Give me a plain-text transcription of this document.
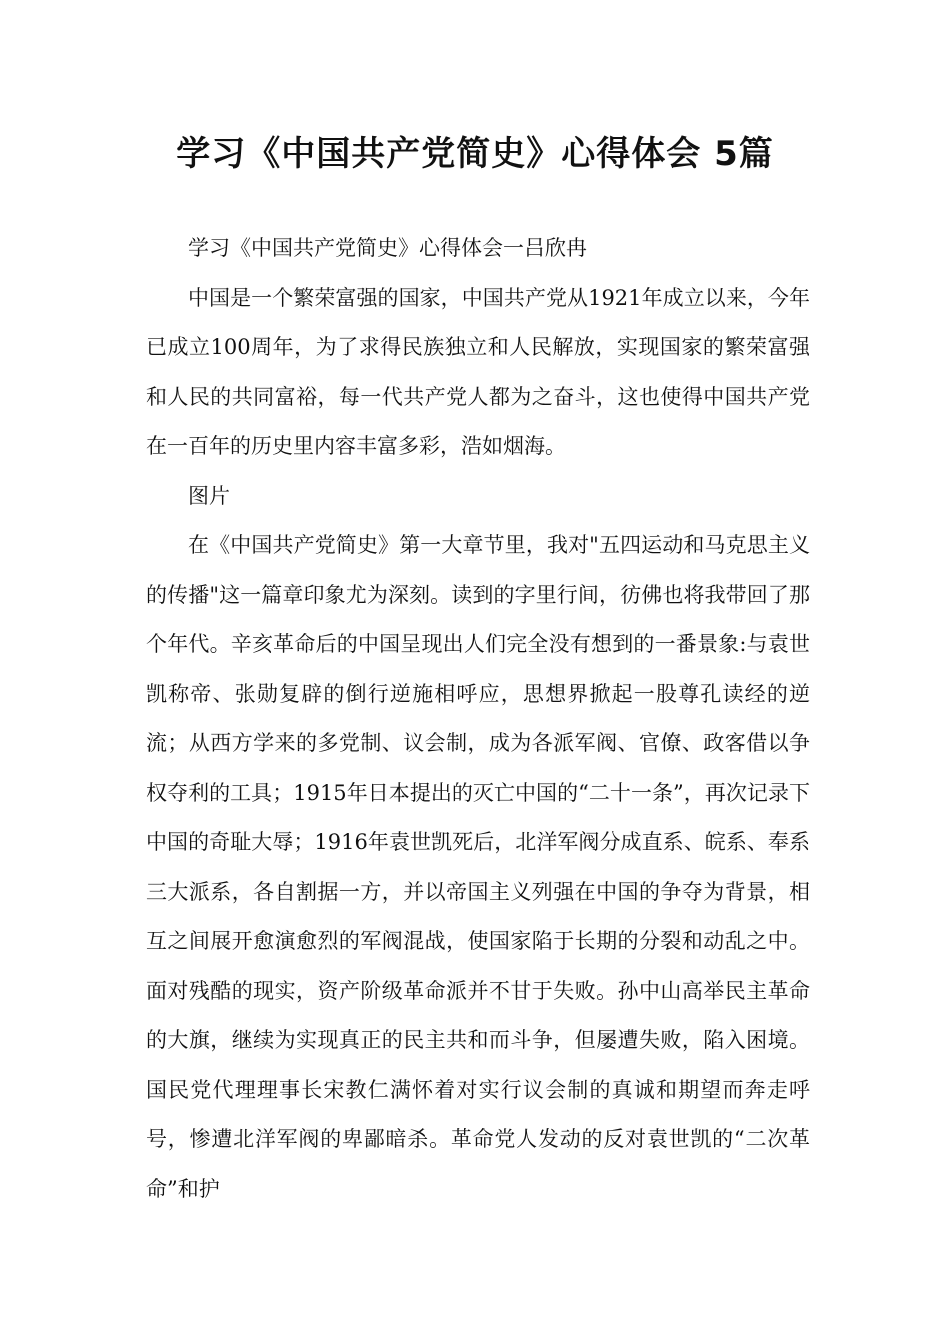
学习《中国共产党简史》心得体会 5篇

学习《中国共产党简史》心得体会一吕欣冉

中国是一个繁荣富强的国家，中国共产党从1921年成立以来，今年已成立100周年，为了求得民族独立和人民解放，实现国家的繁荣富强和人民的共同富裕，每一代共产党人都为之奋斗，这也使得中国共产党在一百年的历史里内容丰富多彩，浩如烟海。

图片

在《中国共产党简史》第一大章节里，我对"五四运动和马克思主义的传播"这一篇章印象尤为深刻。读到的字里行间，彷佛也将我带回了那个年代。辛亥革命后的中国呈现出人们完全没有想到的一番景象:与袁世凯称帝、张勋复辟的倒行逆施相呼应，思想界掀起一股尊孔读经的逆流；从西方学来的多党制、议会制，成为各派军阀、官僚、政客借以争权夺利的工具；1915年日本提出的灭亡中国的“二十一条”，再次记录下中国的奇耻大辱；1916年袁世凯死后，北洋军阀分成直系、皖系、奉系三大派系，各自割据一方，并以帝国主义列强在中国的争夺为背景，相互之间展开愈演愈烈的军阀混战，使国家陷于长期的分裂和动乱之中。面对残酷的现实，资产阶级革命派并不甘于失败。孙中山高举民主革命的大旗，继续为实现真正的民主共和而斗争，但屡遭失败，陷入困境。国民党代理理事长宋教仁满怀着对实行议会制的真诚和期望而奔走呼号，惨遭北洋军阀的卑鄙暗杀。革命党人发动的反对袁世凯的“二次革命”和护
